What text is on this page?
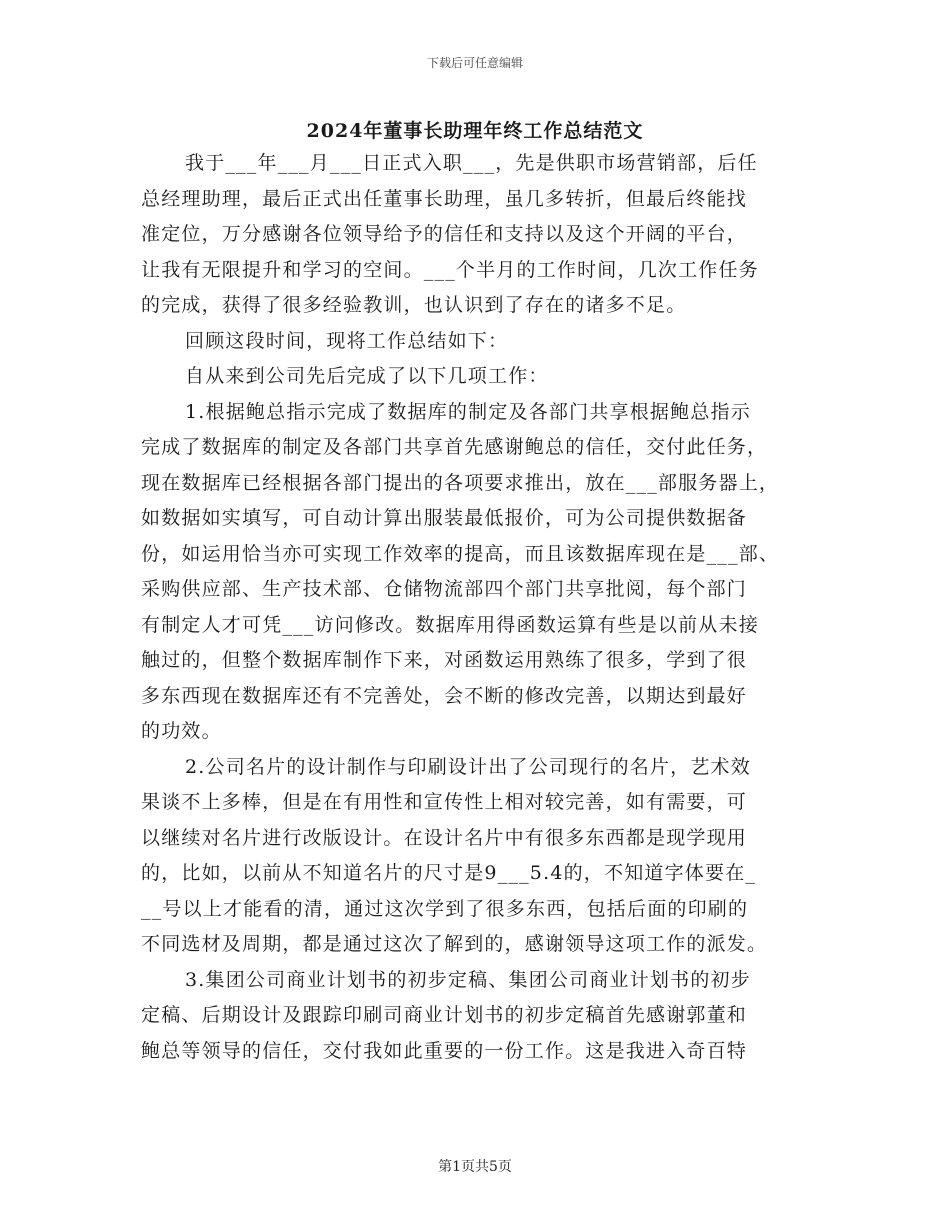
下载后可任意编辑
2024年董事长助理年终工作总结范文
我于___年___月___日正式入职___，先是供职市场营销部，后任
总经理助理，最后正式出任董事长助理，虽几多转折，但最后终能找
准定位，万分感谢各位领导给予的信任和支持以及这个开阔的平台，
让我有无限提升和学习的空间。___个半月的工作时间，几次工作任务
的完成，获得了很多经验教训，也认识到了存在的诸多不足。
回顾这段时间，现将工作总结如下：
自从来到公司先后完成了以下几项工作：
1.根据鲍总指示完成了数据库的制定及各部门共享根据鲍总指示
完成了数据库的制定及各部门共享首先感谢鲍总的信任，交付此任务，
现在数据库已经根据各部门提出的各项要求推出，放在___部服务器上，
如数据如实填写，可自动计算出服装最低报价，可为公司提供数据备
份，如运用恰当亦可实现工作效率的提高，而且该数据库现在是___部、
采购供应部、生产技术部、仓储物流部四个部门共享批阅，每个部门
有制定人才可凭___访问修改。数据库用得函数运算有些是以前从未接
触过的，但整个数据库制作下来，对函数运用熟练了很多，学到了很
多东西现在数据库还有不完善处，会不断的修改完善，以期达到最好
的功效。
2.公司名片的设计制作与印刷设计出了公司现行的名片，艺术效
果谈不上多棒，但是在有用性和宣传性上相对较完善，如有需要，可
以继续对名片进行改版设计。在设计名片中有很多东西都是现学现用
的，比如，以前从不知道名片的尺寸是9___5.4的，不知道字体要在_
__号以上才能看的清，通过这次学到了很多东西，包括后面的印刷的
不同选材及周期，都是通过这次了解到的，感谢领导这项工作的派发。
3.集团公司商业计划书的初步定稿、集团公司商业计划书的初步
定稿、后期设计及跟踪印刷司商业计划书的初步定稿首先感谢郭董和
鲍总等领导的信任，交付我如此重要的一份工作。这是我进入奇百特
第1页共5页
